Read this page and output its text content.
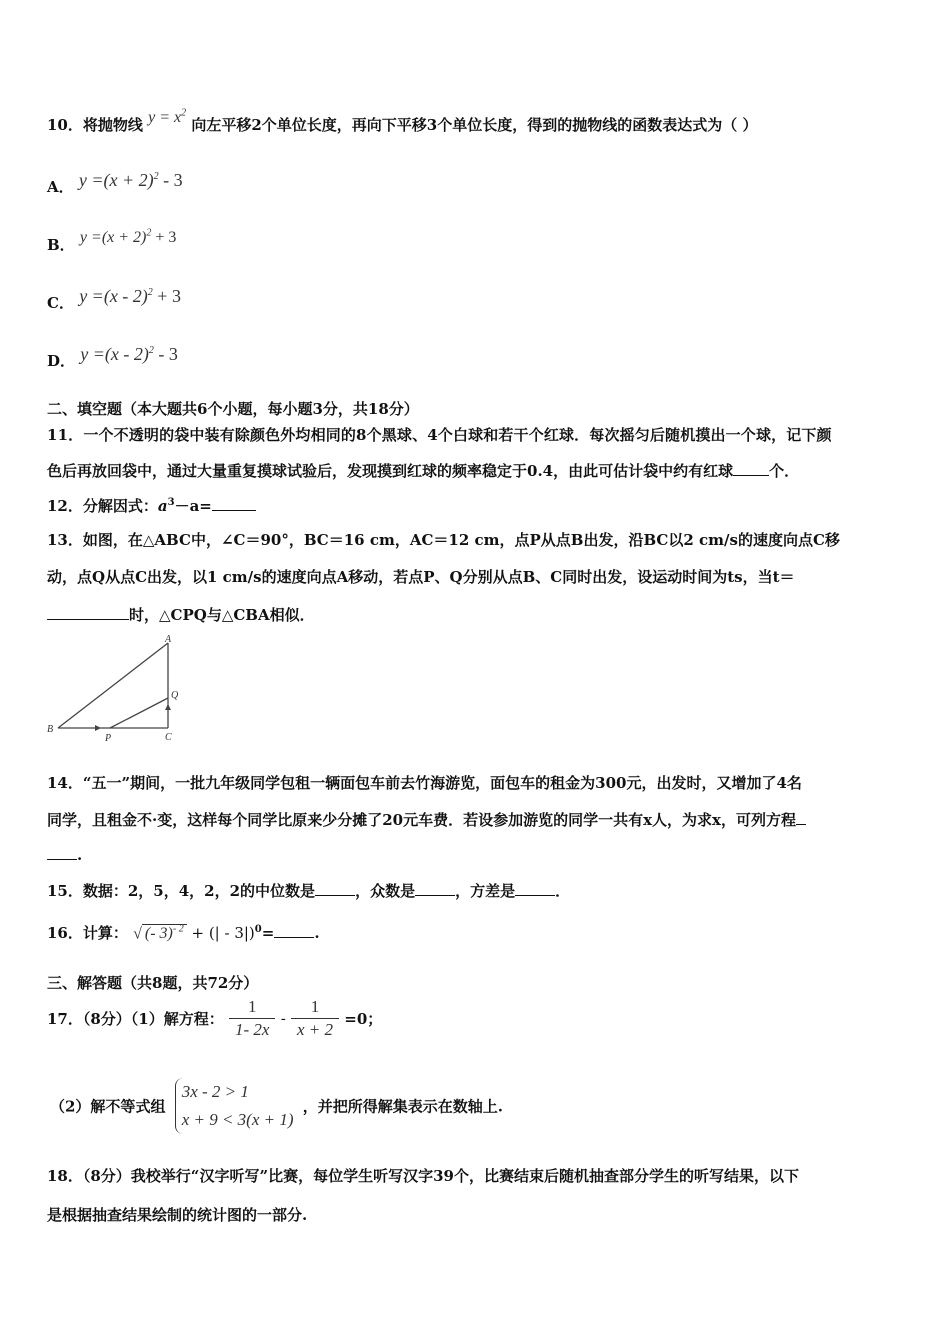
10．将抛物线 $y = x^2$ 向左平移2个单位长度，再向下平移3个单位长度，得到的抛物线的函数表达式为（ ）
A． $y =(x + 2)^2 - 3$
B． $y =(x + 2)^2 + 3$
C． y =(x - 2)$^2$ + 3
D． y =(x - 2)$^2$ - 3
二、填空题（本大题共6个小题，每小题3分，共18分）
11．一个不透明的袋中装有除颜色外均相同的8个黑球、4个白球和若干个红球．每次摇匀后随机摸出一个球，记下颜
色后再放回袋中，通过大量重复摸球试验后，发现摸到红球的频率稳定于0.4，由此可估计袋中约有红球 个．
12．分解因式：$a^3-a=$
13．如图，在△ABC中，∠C＝90°，BC＝16 cm，AC＝12 cm，点P从点B出发，沿BC以2 cm/s的速度向点C移
动，点Q从点C出发，以1 cm/s的速度向点A移动，若点P、Q分别从点B、C同时出发，设运动时间为ts，当t＝
时，△CPQ与△CBA相似．
A
Q
B
P	C
14．“五一”期间，一批九年级同学包租一辆面包车前去竹海游览，面包车的租金为300元，出发时，又增加了4名
同学，且租金不·变，这样每个同学比原来少分摊了20元车费．若设参加游览的同学一共有x人，为求x，可列方程
.
15．数据：2，5，4，2，2的中位数是	，众数是	，方差是	．
16．计算： √ (- 3)$^{- 2}$ + (| - 3|)$^0$=	.
三、解答题（共8题，共72分）
17．（8分）（1）解方程： $\frac{1}{1- 2x} - \frac{1}{x + 2} =0$；
（2）解不等式组
3x - 2 > 1
x + 9 < 3(x + 1)
，并把所得解集表示在数轴上.
18．（8分）我校举行“汉字听写”比赛，每位学生听写汉字39个，比赛结束后随机抽查部分学生的听写结果，以下
是根据抽查结果绘制的统计图的一部分.
